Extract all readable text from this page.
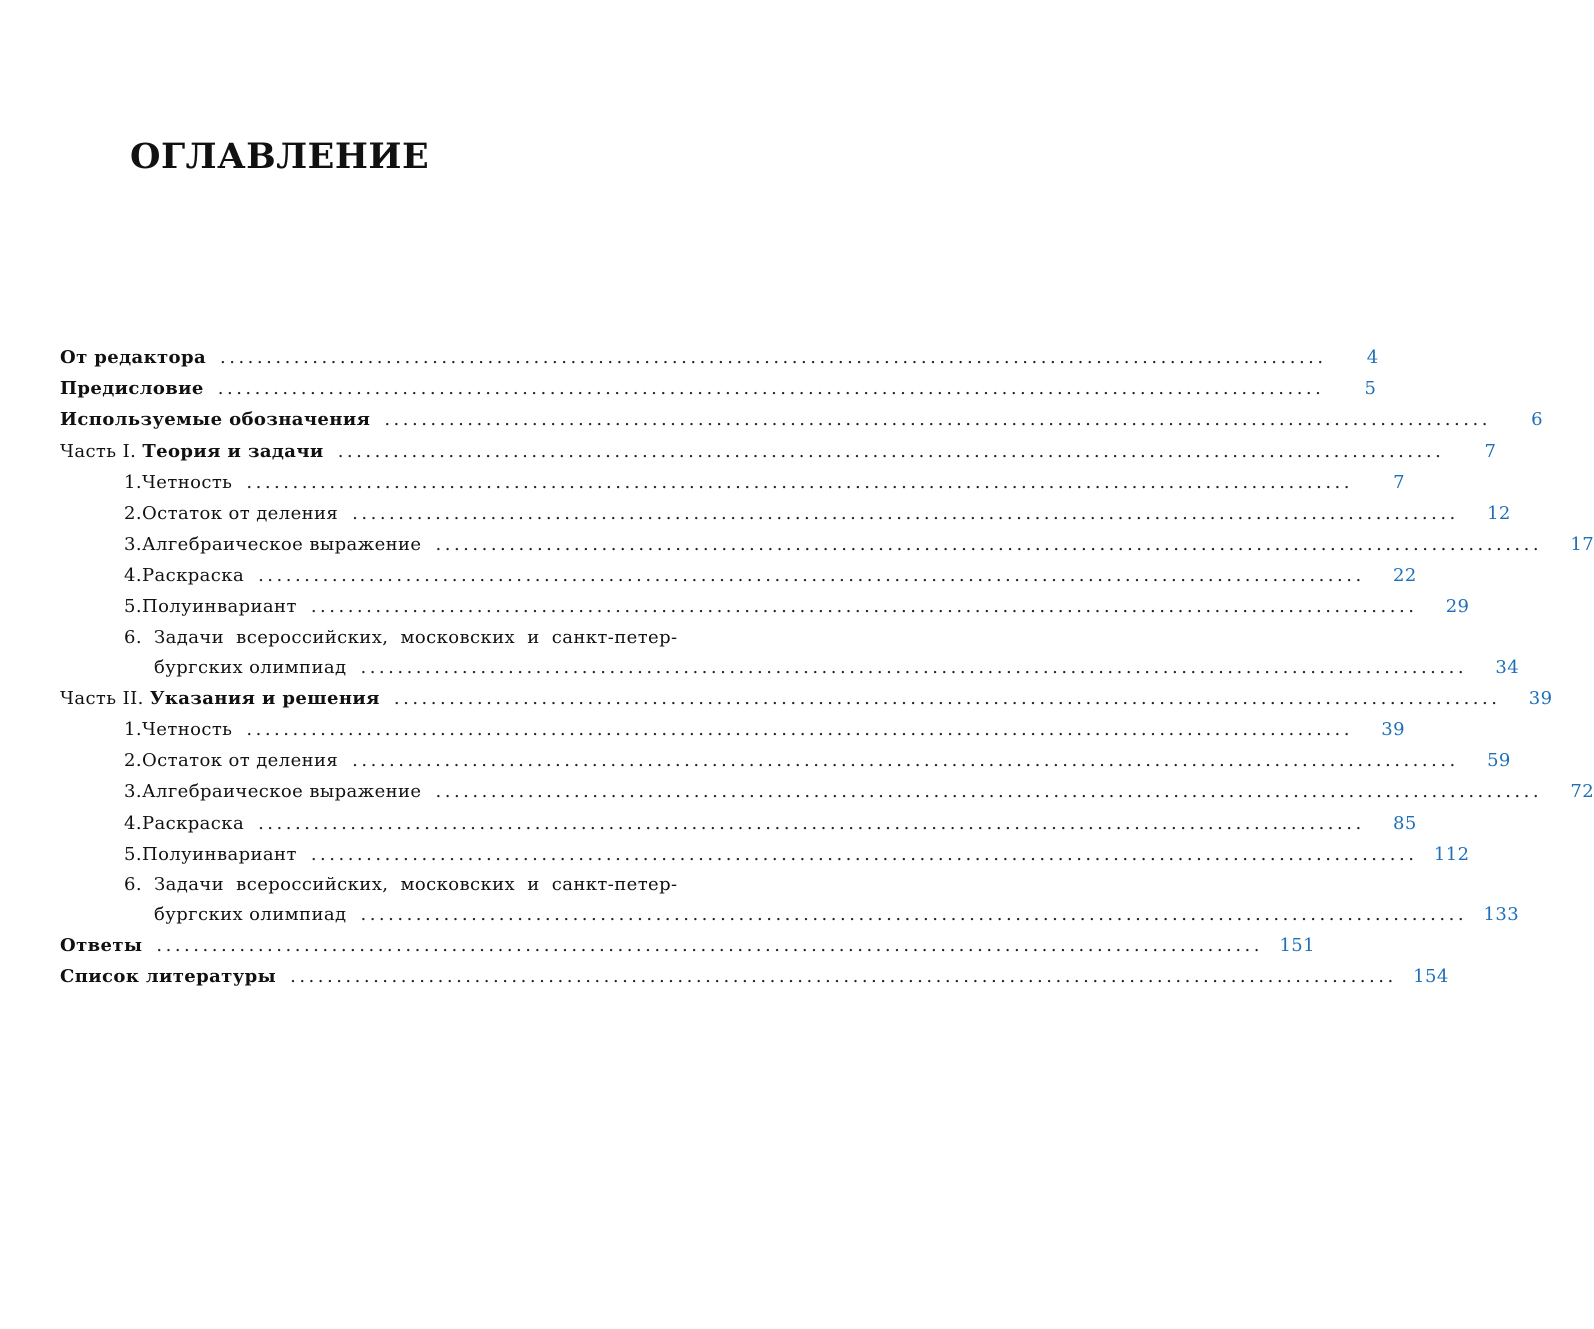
ОГЛАВЛЕНИЕ
От редактора ........................................................................................................................	4
Предисловие ........................................................................................................................	5
Используемые обозначения ........................................................................................................................	6
Часть I. Теория и задачи ........................................................................................................................	7
1. Четность ........................................................................................................................	7
2. Остаток от деления ........................................................................................................................	12
3. Алгебраическое выражение ........................................................................................................................	17
4. Раскраска ........................................................................................................................	22
5. Полуинвариант ........................................................................................................................	29
6. Задачи всероссийских, московских и санкт-петер-
бургских олимпиад ........................................................................................................................	34
Часть II. Указания и решения ........................................................................................................................	39
1. Четность ........................................................................................................................	39
2. Остаток от деления ........................................................................................................................	59
3. Алгебраическое выражение ........................................................................................................................	72
4. Раскраска ........................................................................................................................	85
5. Полуинвариант ........................................................................................................................ 112
6. Задачи всероссийских, московских и санкт-петер-
бургских олимпиад ........................................................................................................................ 133
Ответы ........................................................................................................................ 151
Список литературы ........................................................................................................................ 154
